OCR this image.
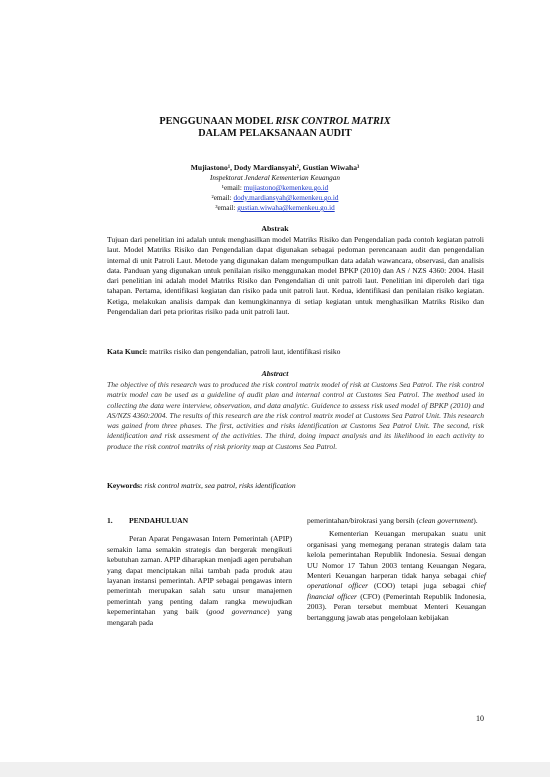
PENGGUNAAN MODEL RISK CONTROL MATRIX
DALAM PELAKSANAAN AUDIT
Mujiastono¹, Dody Mardiansyah², Gustian Wiwaha³
Inspektorat Jenderal Kementerian Keuangan
¹email: mujiastono@kemenkeu.go.id
²email: dody.mardiansyah@kemenkeu.go.id
³email: gustian.wiwaha@kemenkeu.go.id
Abstrak
Tujuan dari penelitian ini adalah untuk menghasilkan model Matriks Risiko dan Pengendalian pada contoh kegiatan patroli laut. Model Matriks Risiko dan Pengendalian dapat digunakan sebagai pedoman perencanaan audit dan pengendalian internal di unit Patroli Laut. Metode yang digunakan dalam mengumpulkan data adalah wawancara, observasi, dan analisis data. Panduan yang digunakan untuk penilaian risiko menggunakan model BPKP (2010) dan AS / NZS 4360: 2004. Hasil dari penelitian ini adalah model Matriks Risiko dan Pengendalian di unit patroli laut. Penelitian ini diperoleh dari tiga tahapan. Pertama, identifikasi kegiatan dan risiko pada unit patroli laut. Kedua, identifikasi dan penilaian risiko kegiatan. Ketiga, melakukan analisis dampak dan kemungkinannya di setiap kegiatan untuk menghasilkan Matriks Risiko dan Pengendalian dari peta prioritas risiko pada unit patroli laut.
Kata Kunci: matriks risiko dan pengendalian, patroli laut, identifikasi risiko
Abstract
The objective of this research was to produced the risk control matrix model of risk at Customs Sea Patrol. The risk control matrix model can be used as a guideline of audit plan and internal control at Customs Sea Patrol. The method used in collecting the data were interview, observation, and data analytic. Guidence to assess risk used model of BPKP (2010) and AS/NZS 4360:2004. The results of this research are the risk control matrix model at Customs Sea Patrol Unit. This research was gained from three phases. The first, activities and risks identification at Customs Sea Patrol Unit. The second, risk identification and risk assesment of the activities. The third, doing impact analysis and its likelihood in each activity to produce the risk control matriks of risk priority map at Customs Sea Patrol.
Keywords: risk control matrix, sea patrol, risks identification
1. PENDAHULUAN

Peran Aparat Pengawasan Intern Pemerintah (APIP) semakin lama semakin strategis dan bergerak mengikuti kebutuhan zaman. APIP diharapkan menjadi agen perubahan yang dapat menciptakan nilai tambah pada produk atau layanan instansi pemerintah. APIP sebagai pengawas intern pemerintah merupakan salah satu unsur manajemen pemerintah yang penting dalam rangka mewujudkan kepemerintahan yang baik (good governance) yang mengarah pada

pemerintahan/birokrasi yang bersih (clean government).

Kementerian Keuangan merupakan suatu unit organisasi yang memegang peranan strategis dalam tata kelola pemerintahan Republik Indonesia. Sesuai dengan UU Nomor 17 Tahun 2003 tentang Keuangan Negara, Menteri Keuangan harperan tidak hanya sebagai chief operational officer (COO) tetapi juga sebagai chief financial officer (CFO) (Pemerintah Republik Indonesia, 2003). Peran tersebut membuat Menteri Keuangan bertanggung jawab atas pengelolaan kebijakan

10
